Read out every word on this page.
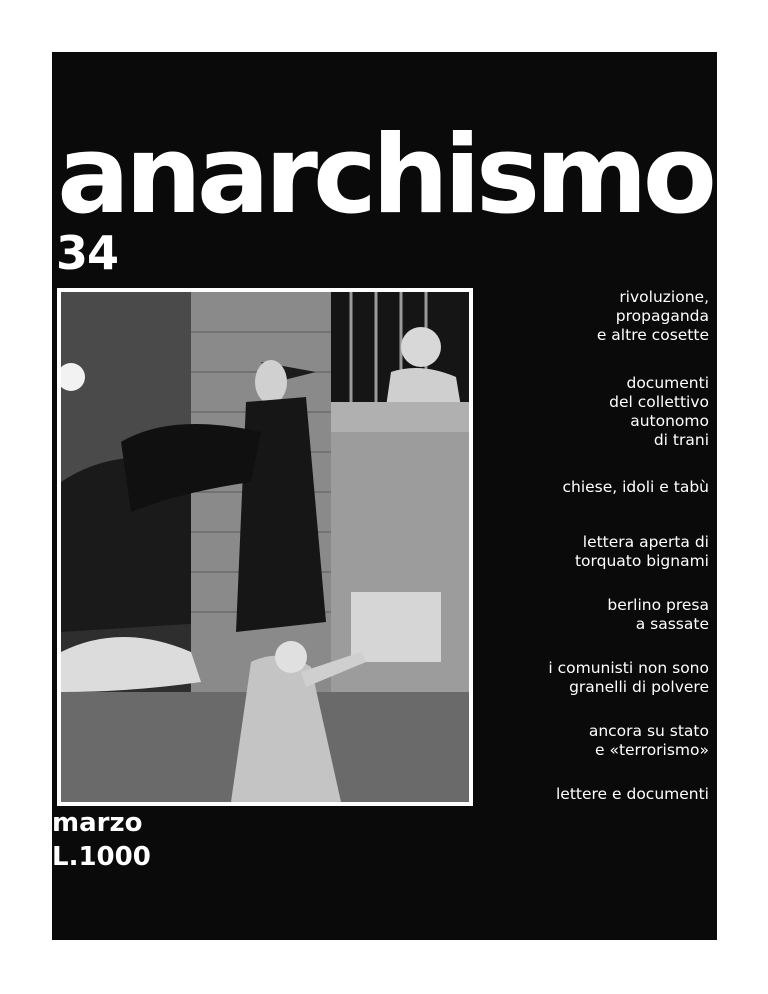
anarchismo
34
rivoluzione,
propaganda
e altre cosette
documenti
del collettivo
autonomo
di trani
chiese, idoli e tabù
lettera aperta di
torquato bignami
berlino presa
a sassate
i comunisti non sono
granelli di polvere
ancora su stato
e «terrorismo»
lettere e documenti
marzo
L.1000
